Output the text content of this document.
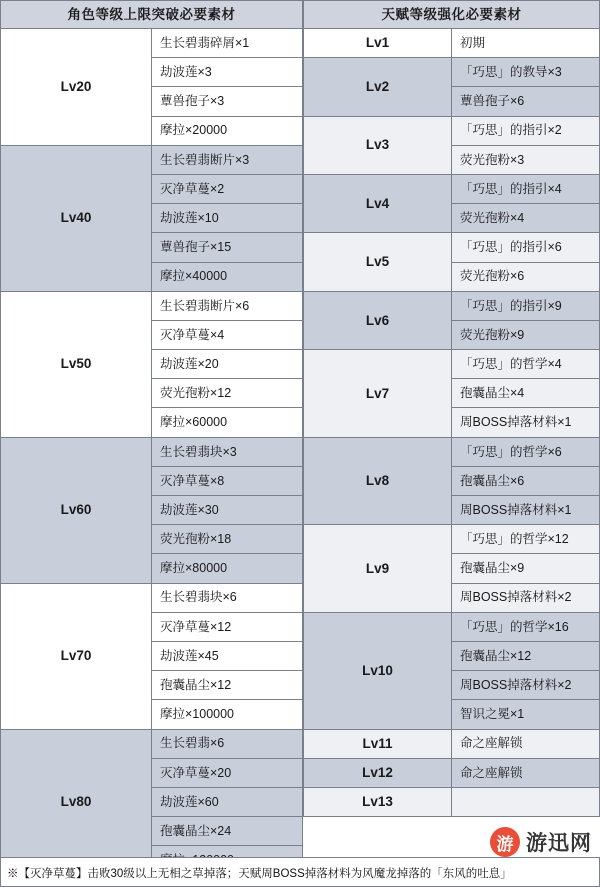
角色等级上限突破必要素材	
Lv20	生长碧翡碎屑×1
	劫波莲×3
	蕈兽孢子×3
	摩拉×20000
Lv40	生长碧翡断片×3
	灭净草蔓×2
	劫波莲×10
	蕈兽孢子×15
	摩拉×40000
Lv50	生长碧翡断片×6
	灭净草蔓×4
	劫波莲×20
	荧光孢粉×12
	摩拉×60000
Lv60	生长碧翡块×3
	灭净草蔓×8
	劫波莲×30
	荧光孢粉×18
	摩拉×80000
Lv70	生长碧翡块×6
	灭净草蔓×12
	劫波莲×45
	孢囊晶尘×12
	摩拉×100000
Lv80	生长碧翡×6
	灭净草蔓×20
	劫波莲×60
	孢囊晶尘×24

天赋等级强化必要素材	
Lv1	初期
Lv2	「巧思」的教导×3
	蕈兽孢子×6
Lv3	「巧思」的指引×2
	荧光孢粉×3
Lv4	「巧思」的指引×4
	荧光孢粉×4
Lv5	「巧思」的指引×6
	荧光孢粉×6
Lv6	「巧思」的指引×9
	荧光孢粉×9
Lv7	「巧思」的哲学×4
	孢囊晶尘×4
	周BOSS掉落材料×1
Lv8	「巧思」的哲学×6
	孢囊晶尘×6
	周BOSS掉落材料×1
Lv9	「巧思」的哲学×12
	孢囊晶尘×9
	周BOSS掉落材料×2
Lv10	「巧思」的哲学×16
	孢囊晶尘×12
	周BOSS掉落材料×2
	智识之冕×1
Lv11	命之座解锁
Lv12	命之座解锁
Lv13	
游 游迅网
※【灭净草蔓】击败30级以上无相之草掉落；天赋周BOSS掉落材料为风魔龙掉落的「东风的吐息」
